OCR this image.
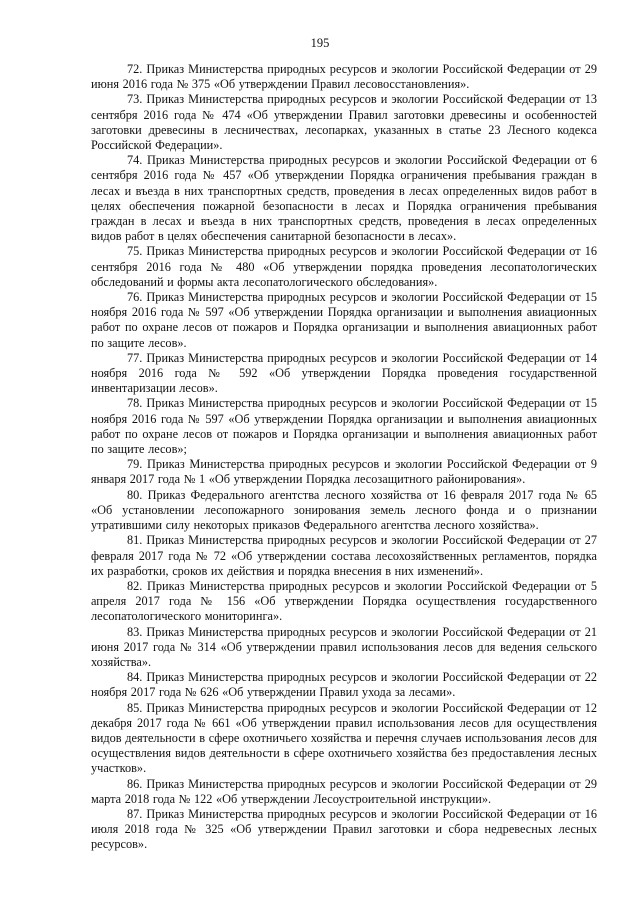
195

72. Приказ Министерства природных ресурсов и экологии Российской Федерации от 29 июня 2016 года № 375 «Об утверждении Правил лесовосстановления».

73. Приказ Министерства природных ресурсов и экологии Российской Федерации от 13 сентября 2016 года № 474 «Об утверждении Правил заготовки древесины и особенностей заготовки древесины в лесничествах, лесопарках, указанных в статье 23 Лесного кодекса Российской Федерации».

74. Приказ Министерства природных ресурсов и экологии Российской Федерации от 6 сентября 2016 года № 457 «Об утверждении Порядка ограничения пребывания граждан в лесах и въезда в них транспортных средств, проведения в лесах определенных видов работ в целях обеспечения пожарной безопасности в лесах и Порядка ограничения пребывания граждан в лесах и въезда в них транспортных средств, проведения в лесах определенных видов работ в целях обеспечения санитарной безопасности в лесах».

75. Приказ Министерства природных ресурсов и экологии Российской Федерации от 16 сентября 2016 года № 480 «Об утверждении порядка проведения лесопатологических обследований и формы акта лесопатологического обследования».

76. Приказ Министерства природных ресурсов и экологии Российской Федерации от 15 ноября 2016 года № 597 «Об утверждении Порядка организации и выполнения авиационных работ по охране лесов от пожаров и Порядка организации и выполнения авиационных работ по защите лесов».

77. Приказ Министерства природных ресурсов и экологии Российской Федерации от 14 ноября 2016 года № 592 «Об утверждении Порядка проведения государственной инвентаризации лесов».

78. Приказ Министерства природных ресурсов и экологии Российской Федерации от 15 ноября 2016 года № 597 «Об утверждении Порядка организации и выполнения авиационных работ по охране лесов от пожаров и Порядка организации и выполнения авиационных работ по защите лесов»;

79. Приказ Министерства природных ресурсов и экологии Российской Федерации от 9 января 2017 года № 1 «Об утверждении Порядка лесозащитного районирования».

80. Приказ Федерального агентства лесного хозяйства от 16 февраля 2017 года № 65 «Об установлении лесопожарного зонирования земель лесного фонда и о признании утратившими силу некоторых приказов Федерального агентства лесного хозяйства».

81. Приказ Министерства природных ресурсов и экологии Российской Федерации от 27 февраля 2017 года № 72 «Об утверждении состава лесохозяйственных регламентов, порядка их разработки, сроков их действия и порядка внесения в них изменений».

82. Приказ Министерства природных ресурсов и экологии Российской Федерации от 5 апреля 2017 года № 156 «Об утверждении Порядка осуществления государственного лесопатологического мониторинга».

83. Приказ Министерства природных ресурсов и экологии Российской Федерации от 21 июня 2017 года № 314 «Об утверждении правил использования лесов для ведения сельского хозяйства».

84. Приказ Министерства природных ресурсов и экологии Российской Федерации от 22 ноября 2017 года № 626 «Об утверждении Правил ухода за лесами».

85. Приказ Министерства природных ресурсов и экологии Российской Федерации от 12 декабря 2017 года № 661 «Об утверждении правил использования лесов для осуществления видов деятельности в сфере охотничьего хозяйства и перечня случаев использования лесов для осуществления видов деятельности в сфере охотничьего хозяйства без предоставления лесных участков».

86. Приказ Министерства природных ресурсов и экологии Российской Федерации от 29 марта 2018 года № 122 «Об утверждении Лесоустроительной инструкции».

87. Приказ Министерства природных ресурсов и экологии Российской Федерации от 16 июля 2018 года № 325 «Об утверждении Правил заготовки и сбора недревесных лесных ресурсов».
